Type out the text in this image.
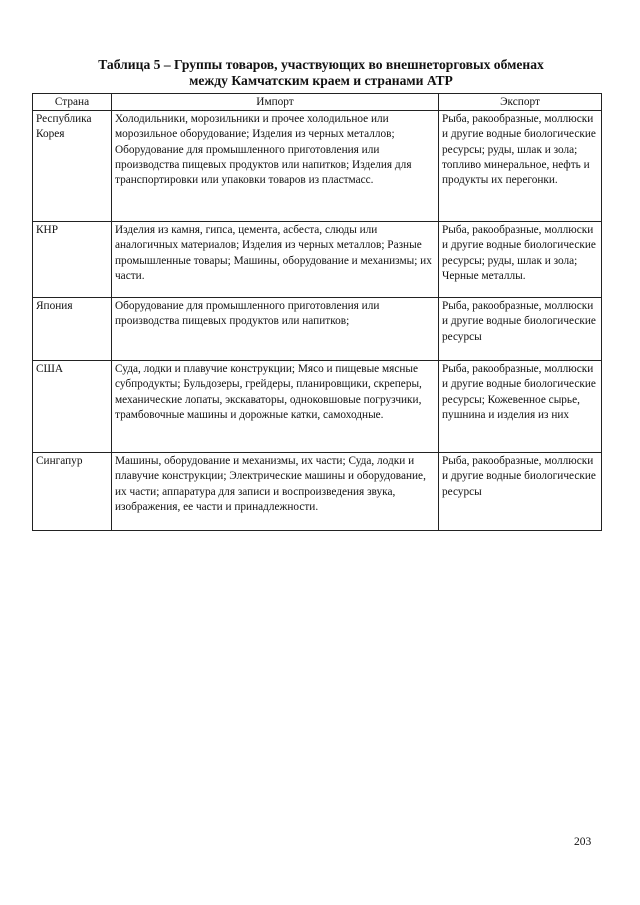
Таблица 5 – Группы товаров, участвующих во внешнеторговых обменах
между Камчатским краем и странами АТР
Страна	Импорт	Экспорт
Республика Корея	Холодильники, морозильники и прочее холодильное или морозильное оборудование; Изделия из черных металлов; Оборудование для промышленного приготовления или производства пищевых продуктов или напитков; Изделия для транспортировки или упаковки товаров из пластмасс.	Рыба, ракообразные, моллюски и другие водные биологические ресурсы; руды, шлак и зола; топливо минеральное, нефть и продукты их перегонки.
КНР	Изделия из камня, гипса, цемента, асбеста, слюды или аналогичных материалов; Изделия из черных металлов; Разные промышленные товары; Машины, оборудование и механизмы; их части.	Рыба, ракообразные, моллюски и другие водные биологические ресурсы; руды, шлак и зола; Черные металлы.
Япония	Оборудование для промышленного приготовления или производства пищевых продуктов или напитков;	Рыба, ракообразные, моллюски и другие водные биологические ресурсы
США	Суда, лодки и плавучие конструкции; Мясо и пищевые мясные субпродукты; Бульдозеры, грейдеры, планировщики, скреперы, механические лопаты, экскаваторы, одноковшовые погрузчики, трамбовочные машины и дорожные катки, самоходные.	Рыба, ракообразные, моллюски и другие водные биологические ресурсы; Кожевенное сырье, пушнина и изделия из них
Сингапур	Машины, оборудование и механизмы, их части; Суда, лодки и плавучие конструкции; Электрические машины и оборудование, их части; аппаратура для записи и воспроизведения звука, изображения, ее части и принадлежности.	Рыба, ракообразные, моллюски и другие водные биологические ресурсы
203
